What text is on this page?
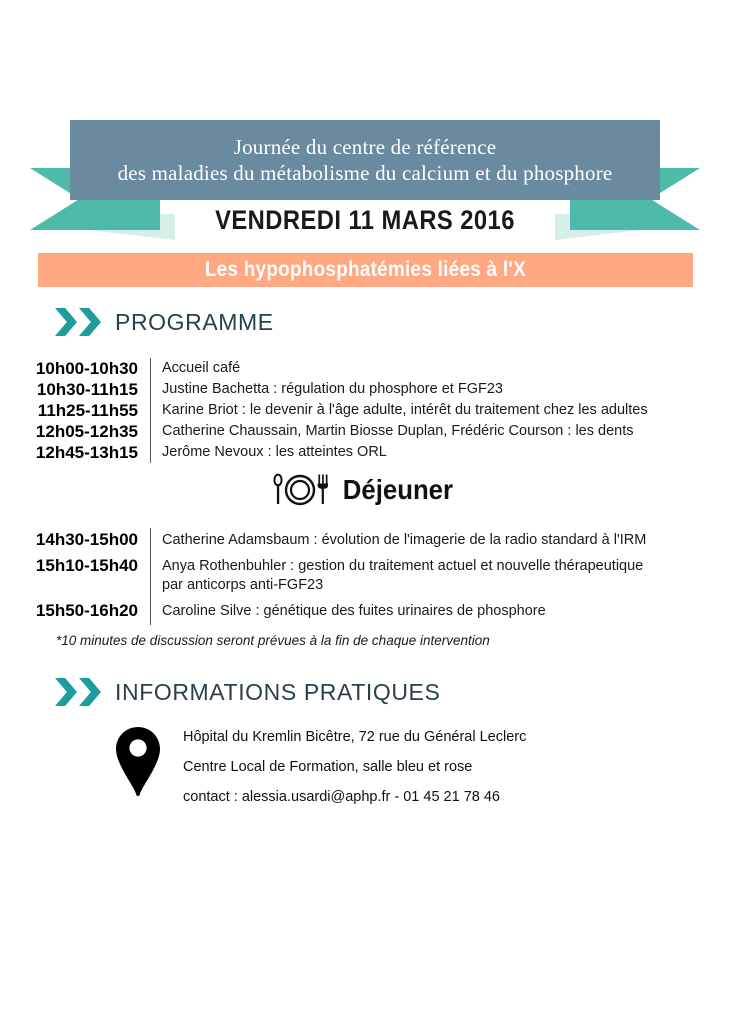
Journée du centre de référence
des maladies du métabolisme du calcium et du phosphore
VENDREDI 11 MARS 2016
Les hypophosphatémies liées à l'X
PROGRAMME
10h00-10h30	Accueil café
10h30-11h15	Justine Bachetta : régulation du phosphore et FGF23
11h25-11h55	Karine Briot : le devenir à l'âge adulte, intérêt du traitement chez les adultes
12h05-12h35	Catherine Chaussain, Martin Biosse Duplan, Frédéric Courson : les dents
12h45-13h15	Jerôme Nevoux : les atteintes ORL
Déjeuner
14h30-15h00	Catherine Adamsbaum : évolution de l'imagerie de la radio standard à l'IRM
15h10-15h40	Anya Rothenbuhler : gestion du traitement actuel et nouvelle thérapeutique
par anticorps anti-FGF23
15h50-16h20	Caroline Silve : génétique des fuites urinaires de phosphore
*10 minutes de discussion seront prévues à la fin de chaque intervention
INFORMATIONS PRATIQUES
Hôpital du Kremlin Bicêtre, 72 rue du Général Leclerc
Centre Local de Formation, salle bleu et rose
contact : alessia.usardi@aphp.fr - 01 45 21 78 46
